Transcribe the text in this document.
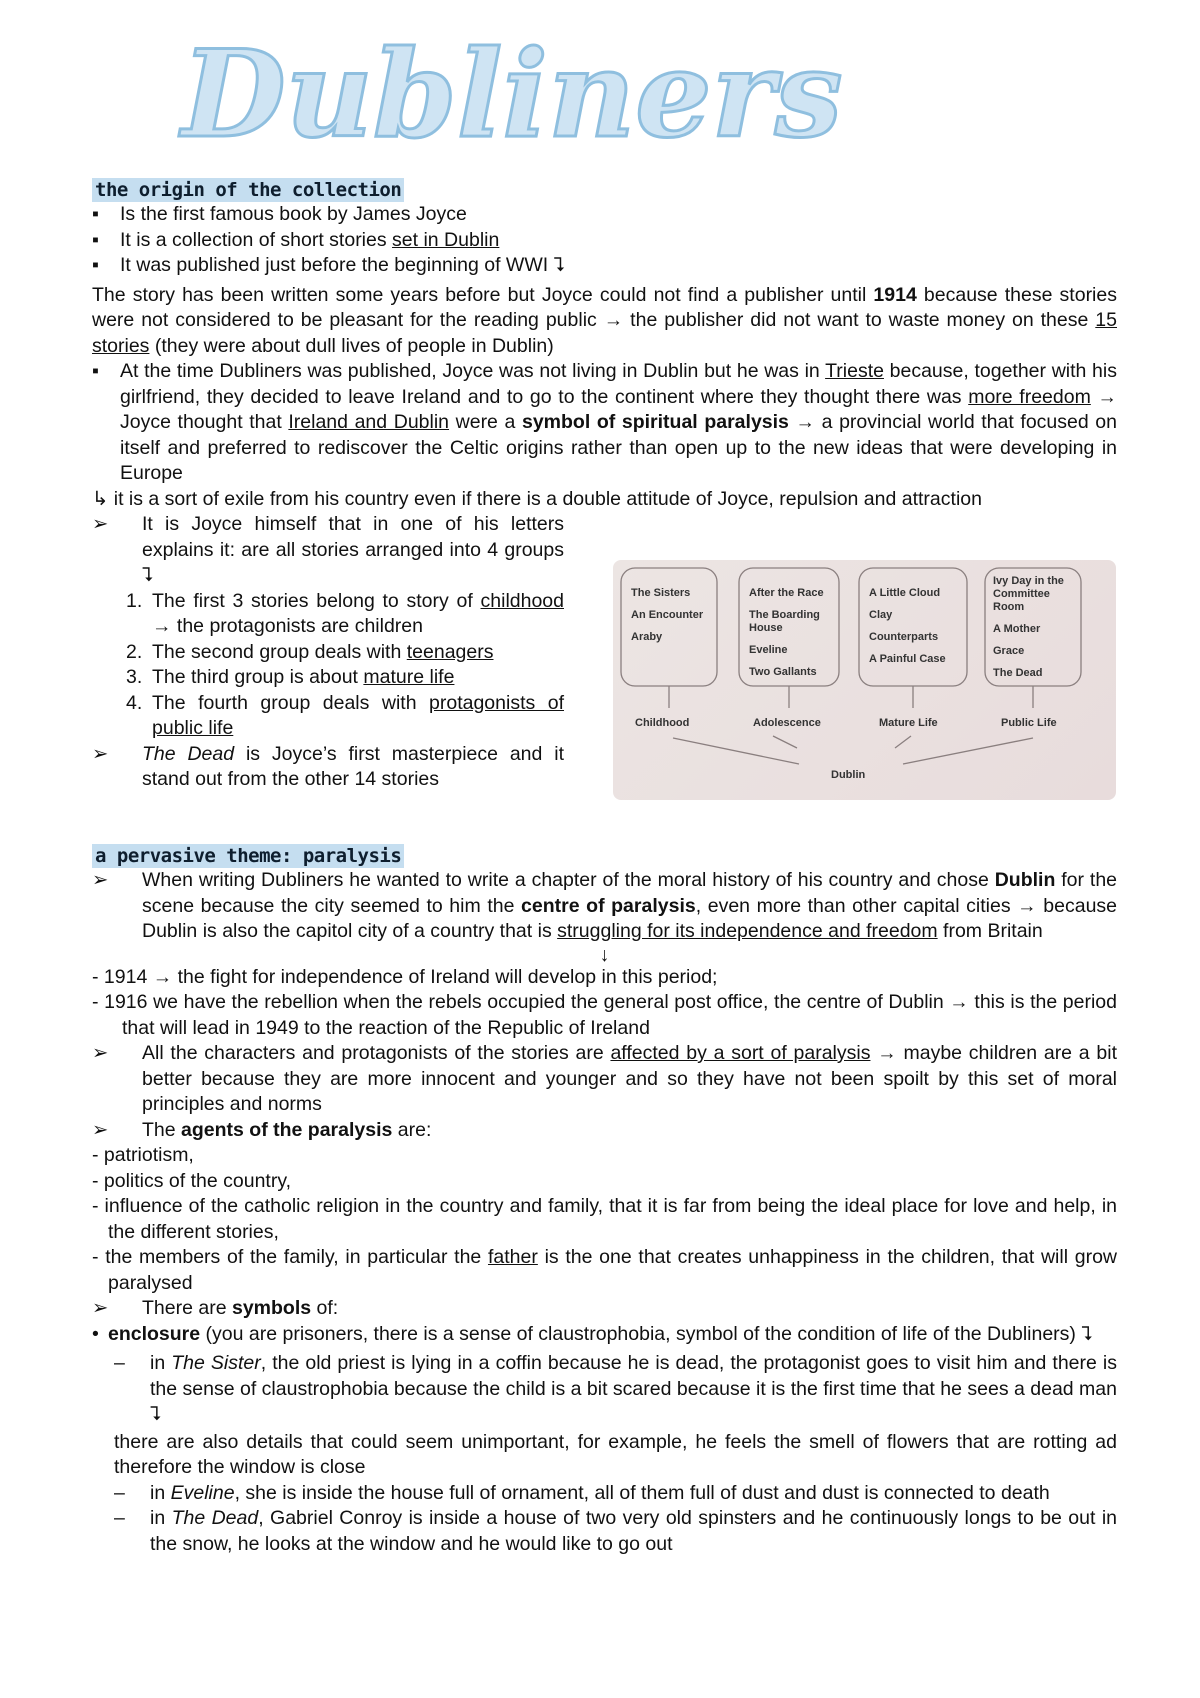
Dubliners
the origin of the collection
▪ Is the first famous book by James Joyce
▪ It is a collection of short stories set in Dublin
▪ It was published just before the beginning of WWI ⮧

The story has been written some years before but Joyce could not find a publisher until 1914 because these stories were not considered to be pleasant for the reading public → the publisher did not want to waste money on these 15 stories (they were about dull lives of people in Dublin)

▪ At the time Dubliners was published, Joyce was not living in Dublin but he was in Trieste because, together with his girlfriend, they decided to leave Ireland and to go to the continent where they thought there was more freedom → Joyce thought that Ireland and Dublin were a symbol of spiritual paralysis → a provincial world that focused on itself and preferred to rediscover the Celtic origins rather than open up to the new ideas that were developing in Europe

↳ it is a sort of exile from his country even if there is a double attitude of Joyce, repulsion and attraction

➢ It is Joyce himself that in one of his letters explains it: are all stories arranged into 4 groups ⮧
1. The first 3 stories belong to story of childhood → the protagonists are children
2. The second group deals with teenagers
3. The third group is about mature life
4. The fourth group deals with protagonists of public life
➢ The Dead is Joyce’s first masterpiece and it stand out from the other 14 stories
The Sisters
An Encounter
Araby
After the Race
The Boarding
House
Eveline
Two Gallants
A Little Cloud
Clay
Counterparts
A Painful Case
Ivy Day in the
Committee
Room
A Mother
Grace
The Dead
Childhood	Adolescence	Mature Life	Public Life
Dublin
a pervasive theme: paralysis
➢ When writing Dubliners he wanted to write a chapter of the moral history of his country and chose Dublin for the scene because the city seemed to him the centre of paralysis, even more than other capital cities → because Dublin is also the capitol city of a country that is struggling for its independence and freedom from Britain
↓
- 1914 → the fight for independence of Ireland will develop in this period;
- 1916 we have the rebellion when the rebels occupied the general post office, the centre of Dublin → this is the period that will lead in 1949 to the reaction of the Republic of Ireland
➢ All the characters and protagonists of the stories are affected by a sort of paralysis → maybe children are a bit better because they are more innocent and younger and so they have not been spoilt by this set of moral principles and norms
➢ The agents of the paralysis are:
- patriotism,
- politics of the country,
- influence of the catholic religion in the country and family, that it is far from being the ideal place for love and help, in the different stories,
- the members of the family, in particular the father is the one that creates unhappiness in the children, that will grow paralysed
➢ There are symbols of:
• enclosure (you are prisoners, there is a sense of claustrophobia, symbol of the condition of life of the Dubliners) ⮧
– in The Sister, the old priest is lying in a coffin because he is dead, the protagonist goes to visit him and there is the sense of claustrophobia because the child is a bit scared because it is the first time that he sees a dead man ⮧
there are also details that could seem unimportant, for example, he feels the smell of flowers that are rotting ad therefore the window is close
– in Eveline, she is inside the house full of ornament, all of them full of dust and dust is connected to death
– in The Dead, Gabriel Conroy is inside a house of two very old spinsters and he continuously longs to be out in the snow, he looks at the window and he would like to go out
